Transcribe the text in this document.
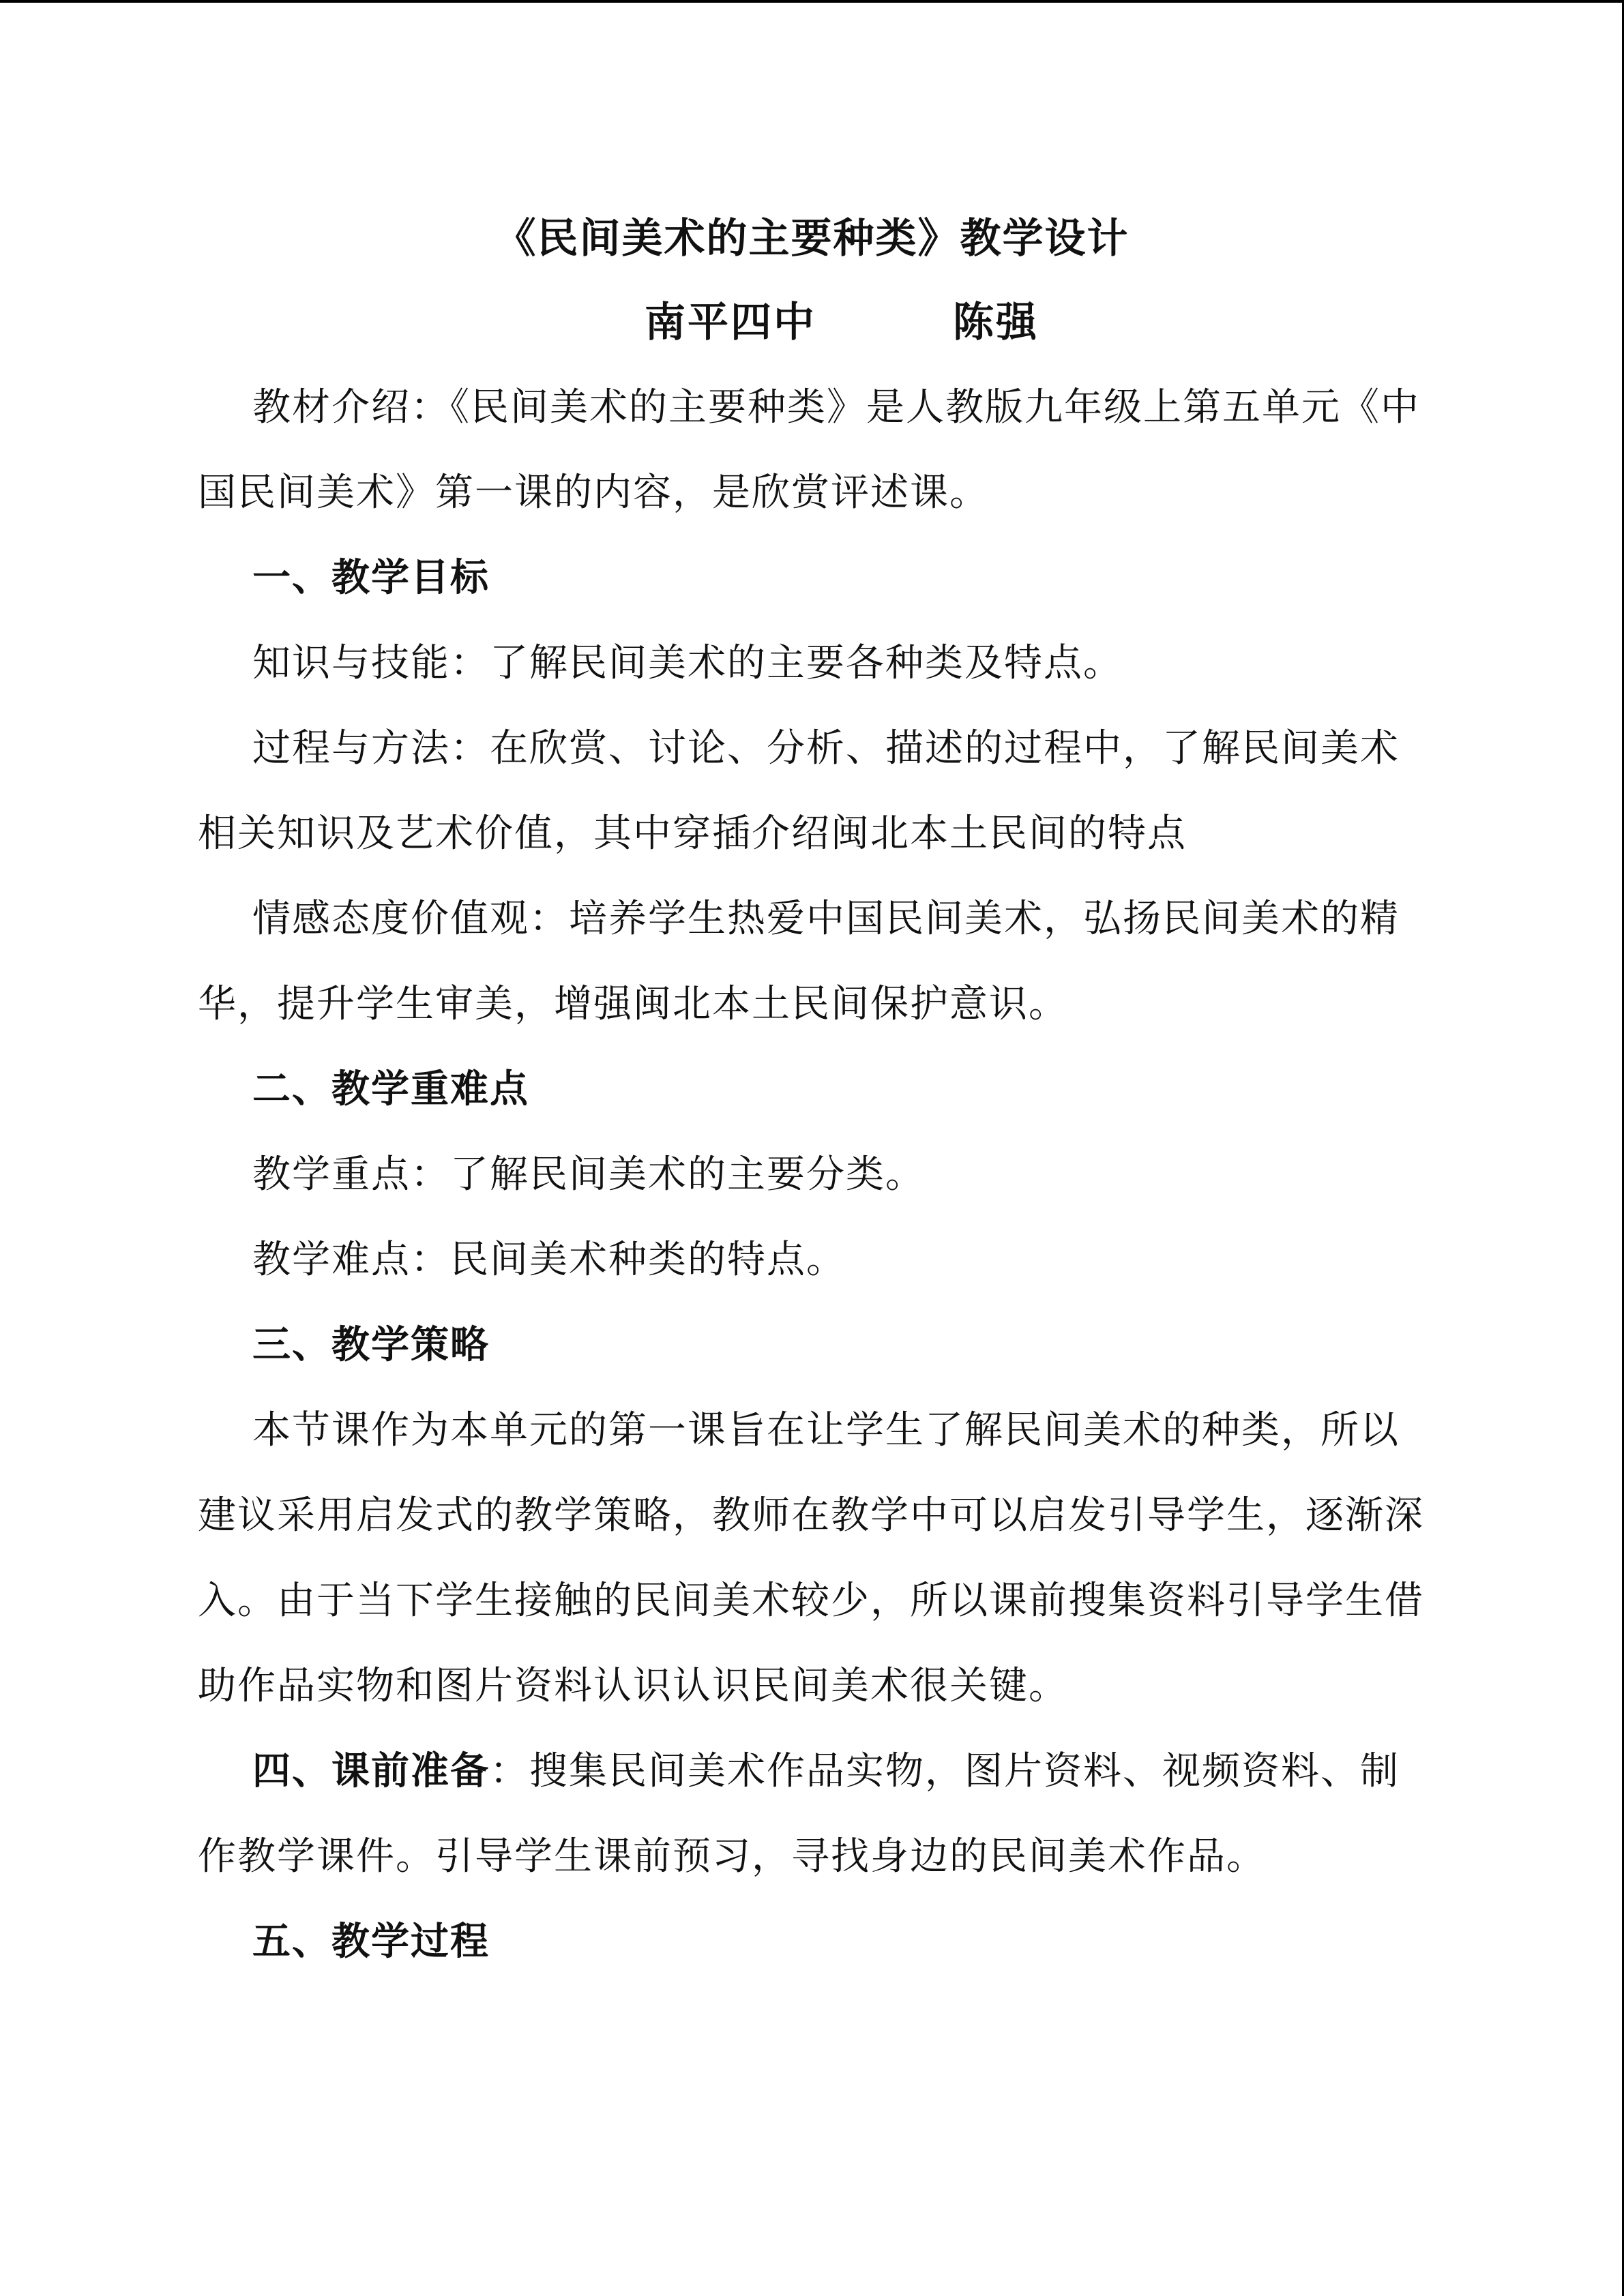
《民间美术的主要种类》教学设计
南平四中	陈强

教材介绍：《民间美术的主要种类》是人教版九年级上第五单元《中国民间美术》第一课的内容，是欣赏评述课。

一、教学目标

知识与技能：了解民间美术的主要各种类及特点。

过程与方法：在欣赏、讨论、分析、描述的过程中，了解民间美术相关知识及艺术价值，其中穿插介绍闽北本土民间的特点

情感态度价值观：培养学生热爱中国民间美术，弘扬民间美术的精华，提升学生审美，增强闽北本土民间保护意识。

二、教学重难点

教学重点：了解民间美术的主要分类。

教学难点：民间美术种类的特点。

三、教学策略

本节课作为本单元的第一课旨在让学生了解民间美术的种类，所以建议采用启发式的教学策略，教师在教学中可以启发引导学生，逐渐深入。由于当下学生接触的民间美术较少，所以课前搜集资料引导学生借助作品实物和图片资料认识认识民间美术很关键。

四、课前准备：搜集民间美术作品实物，图片资料、视频资料、制作教学课件。引导学生课前预习，寻找身边的民间美术作品。

五、教学过程
